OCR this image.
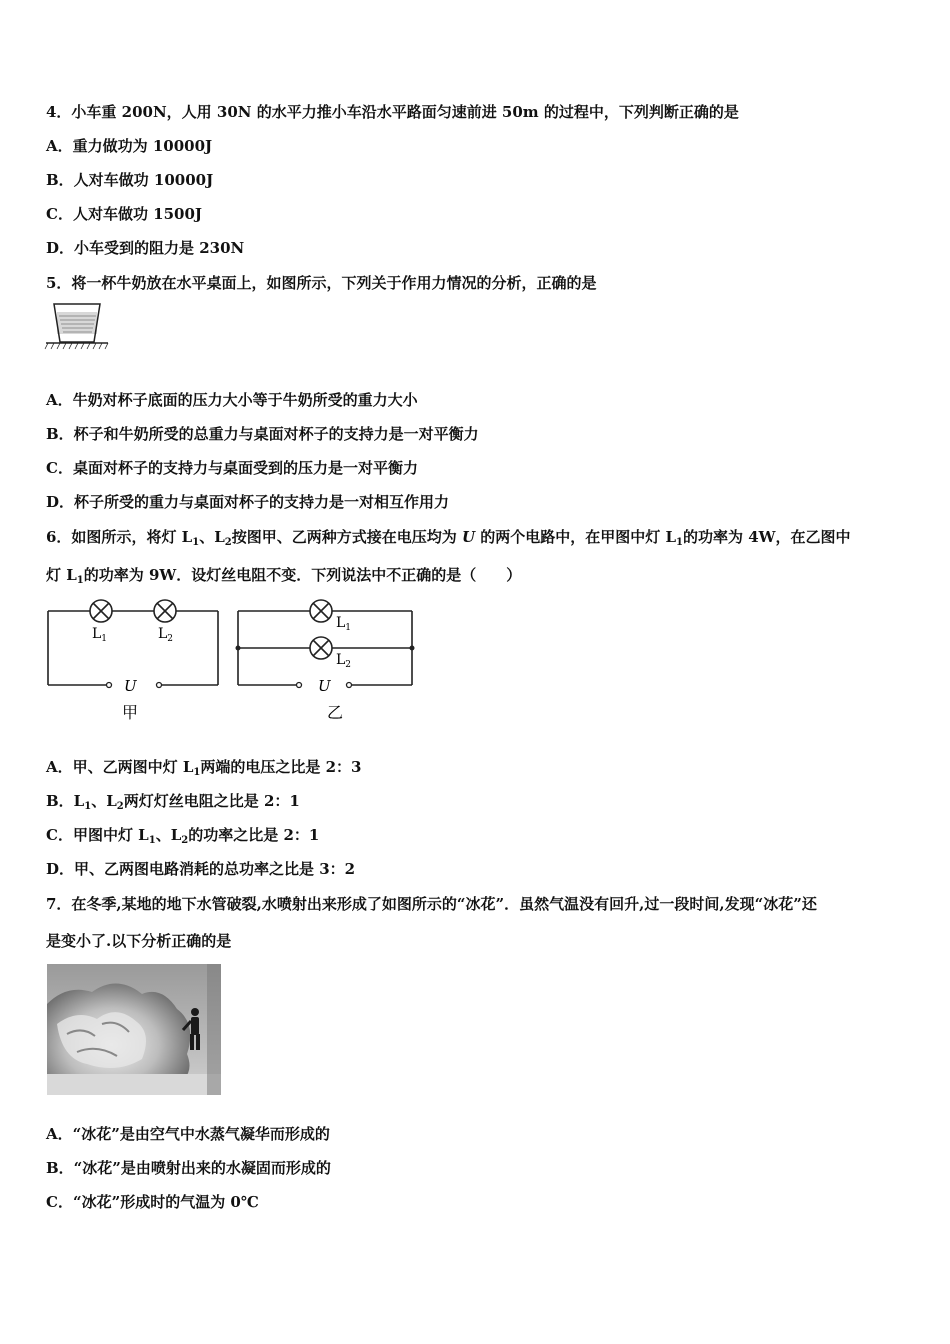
4．小车重 200N，人用 30N 的水平力推小车沿水平路面匀速前进 50m 的过程中，下列判断正确的是
A．重力做功为 10000J
B．人对车做功 10000J
C．人对车做功 1500J
D．小车受到的阻力是 230N
5．将一杯牛奶放在水平桌面上，如图所示，下列关于作用力情况的分析，正确的是
A．牛奶对杯子底面的压力大小等于牛奶所受的重力大小
B．杯子和牛奶所受的总重力与桌面对杯子的支持力是一对平衡力
C．桌面对杯子的支持力与桌面受到的压力是一对平衡力
D．杯子所受的重力与桌面对杯子的支持力是一对相互作用力
6．如图所示，将灯 $L_1$、$L_2$按图甲、乙两种方式接在电压均为 U 的两个电路中，在甲图中灯 $L_1$的功率为 4W，在乙图中
灯 $L_1$的功率为 9W．设灯丝电阻不变．下列说法中不正确的是（　　）
$L_1$	$L_2$
U
甲
$L_1$
$L_2$
U
乙
A．甲、乙两图中灯 $L_1$两端的电压之比是 2：3
B．$L_1$、$L_2$两灯灯丝电阻之比是 2：1
C．甲图中灯 $L_1$、$L_2$的功率之比是 2：1
D．甲、乙两图电路消耗的总功率之比是 3：2
7．在冬季,某地的地下水管破裂,水喷射出来形成了如图所示的“冰花”．虽然气温没有回升,过一段时间,发现“冰花”还
是变小了.以下分析正确的是
A．“冰花”是由空气中水蒸气凝华而形成的
B．“冰花”是由喷射出来的水凝固而形成的
C．“冰花”形成时的气温为 0℃
